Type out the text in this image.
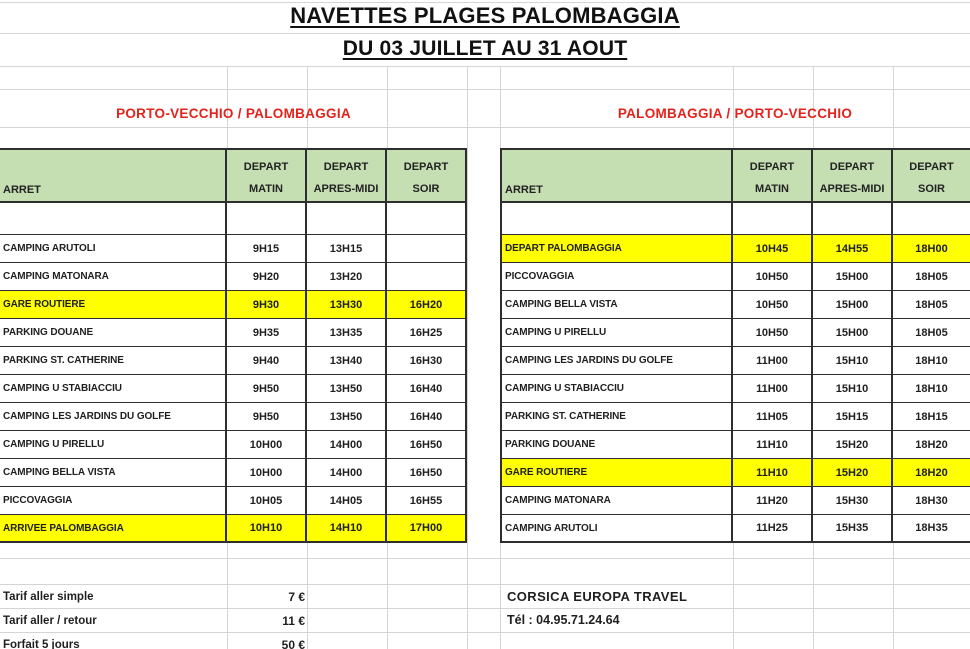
NAVETTES PLAGES PALOMBAGGIA
DU 03 JUILLET AU 31 AOUT
PORTO-VECCHIO / PALOMBAGGIA	PALOMBAGGIA / PORTO-VECCHIO
ARRET
DEPART
MATIN
DEPART
APRES-MIDI
DEPART
SOIR
CAMPING ARUTOLI	9H15	13H15
CAMPING MATONARA	9H20	13H20
GARE ROUTIERE	9H30	13H30	16H20
PARKING DOUANE	9H35	13H35	16H25
PARKING ST. CATHERINE	9H40	13H40	16H30
CAMPING U STABIACCIU	9H50	13H50	16H40
CAMPING LES JARDINS DU GOLFE	9H50	13H50	16H40
CAMPING U PIRELLU	10H00	14H00	16H50
CAMPING BELLA VISTA	10H00	14H00	16H50
PICCOVAGGIA	10H05	14H05	16H55
ARRIVEE PALOMBAGGIA	10H10	14H10	17H00
ARRET
DEPART
MATIN
DEPART
APRES-MIDI
DEPART
SOIR
DEPART PALOMBAGGIA	10H45	14H55	18H00
PICCOVAGGIA	10H50	15H00	18H05
CAMPING BELLA VISTA	10H50	15H00	18H05
CAMPING U PIRELLU	10H50	15H00	18H05
CAMPING LES JARDINS DU GOLFE	11H00	15H10	18H10
CAMPING U STABIACCIU	11H00	15H10	18H10
PARKING ST. CATHERINE	11H05	15H15	18H15
PARKING DOUANE	11H10	15H20	18H20
GARE ROUTIERE	11H10	15H20	18H20
CAMPING MATONARA	11H20	15H30	18H30
CAMPING ARUTOLI	11H25	15H35	18H35
Tarif aller simple	7 €
Tarif aller / retour	11 €
Forfait 5 jours	50 €
CORSICA EUROPA TRAVEL
Tél : 04.95.71.24.64
